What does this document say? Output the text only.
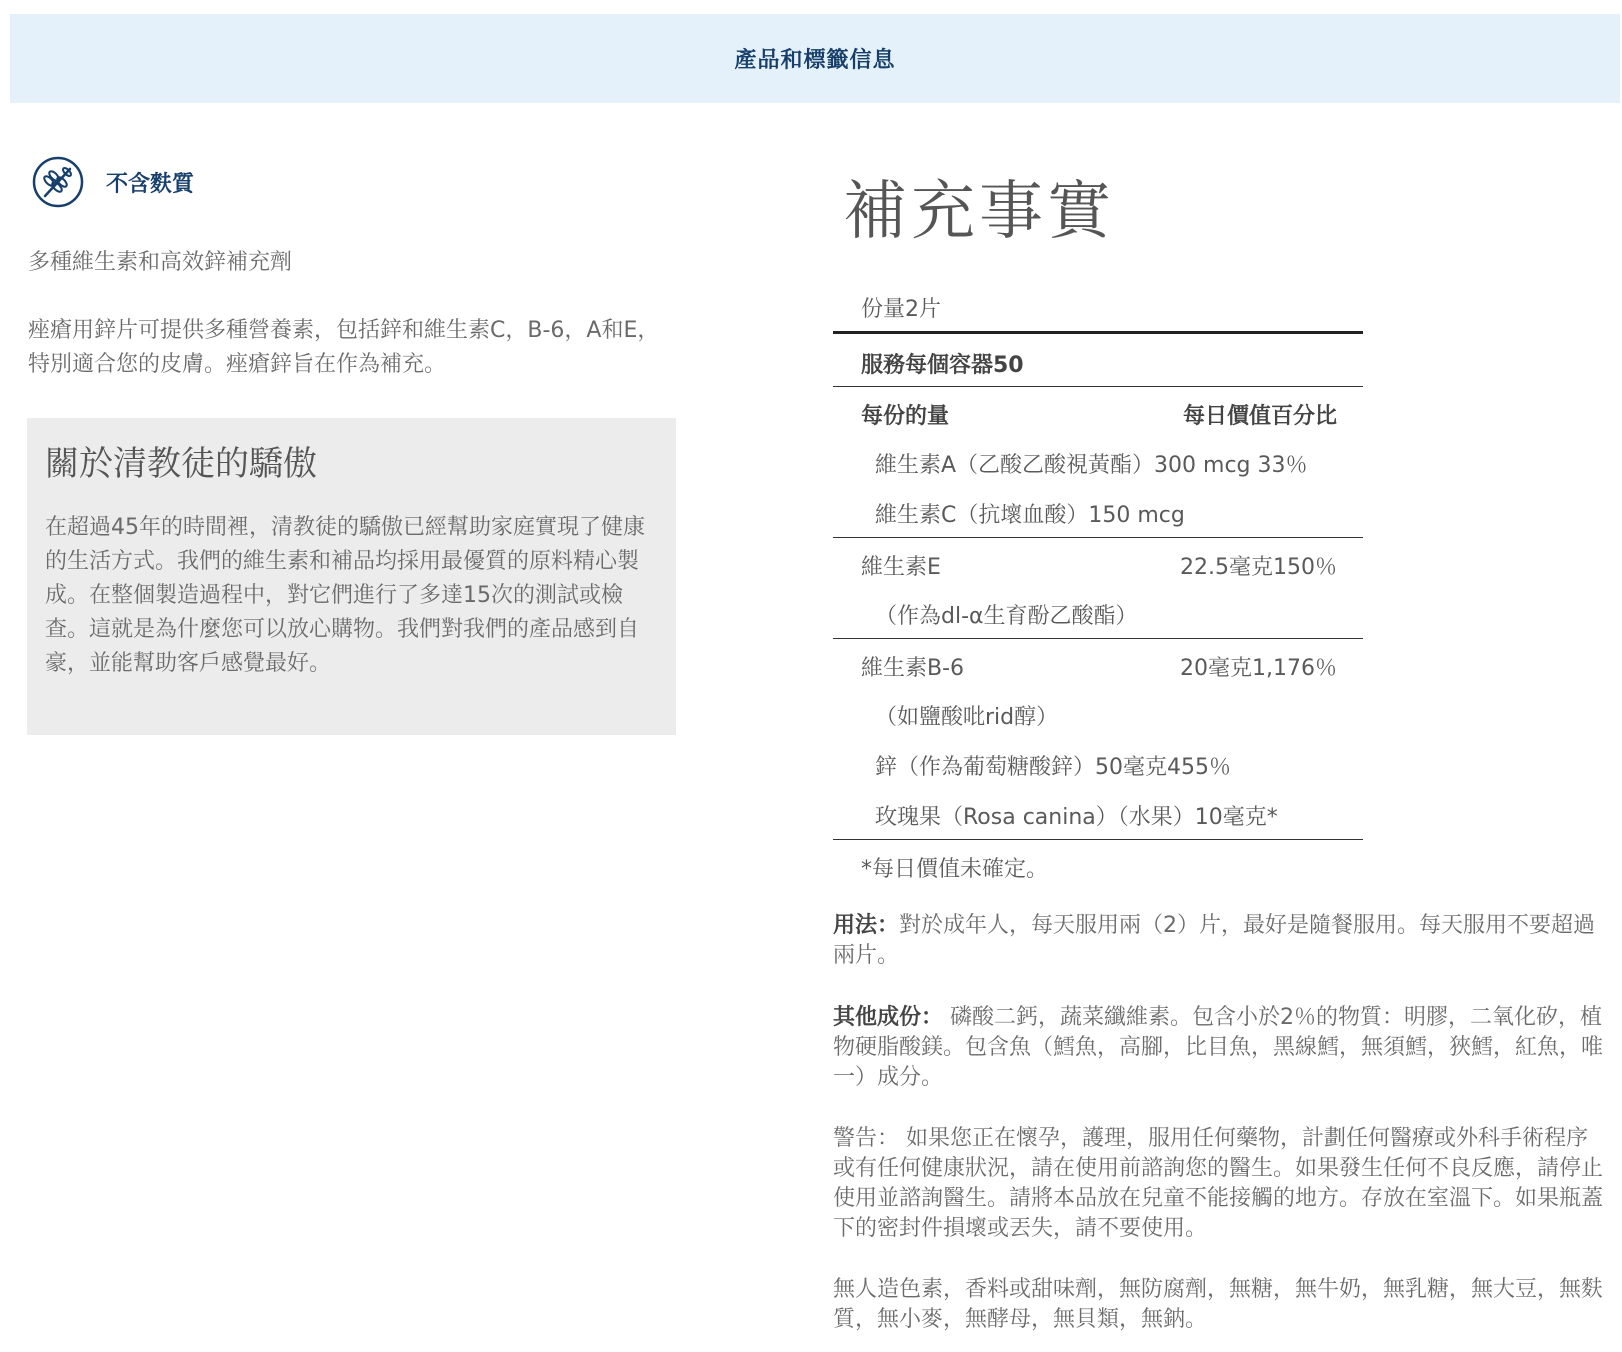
產品和標籤信息
不含麩質
多種維生素和高效鋅補充劑
痤瘡用鋅片可提供多種營養素，包括鋅和維生素C，B-6，A和E，特別適合您的皮膚。痤瘡鋅旨在作為補充。
關於清教徒的驕傲

在超過45年的時間裡，清教徒的驕傲已經幫助家庭實現了健康的生活方式。我們的維生素和補品均採用最優質的原料精心製成。在整個製造過程中，對它們進行了多達15次的測試或檢查。這就是為什麼您可以放心購物。我們對我們的產品感到自豪，並能幫助客戶感覺最好。

補充事實
份量2片
服務每個容器50
每份的量	每日價值百分比
維生素A（乙酸乙酸視黃酯）300 mcg 33％
維生素C（抗壞血酸）150 mcg
維生素E	22.5毫克150％
（作為dl-α生育酚乙酸酯）
維生素B-6	20毫克1,176％
（如鹽酸吡rid醇）
鋅（作為葡萄糖酸鋅）50毫克455％
玫瑰果（Rosa canina）（水果）10毫克*
*每日價值未確定。

用法：對於成年人，每天服用兩（2）片，最好是隨餐服用。每天服用不要超過兩片。

其他成份： 磷酸二鈣，蔬菜纖維素。包含小於2％的物質：明膠，二氧化矽，植物硬脂酸鎂。包含魚（鱈魚，高腳，比目魚，黑線鱈，無須鱈，狹鱈，紅魚，唯一）成分。

警告： 如果您正在懷孕，護理，服用任何藥物，計劃任何醫療或外科手術程序或有任何健康狀況，請在使用前諮詢您的醫生。如果發生任何不良反應，請停止使用並諮詢醫生。請將本品放在兒童不能接觸的地方。存放在室溫下。如果瓶蓋下的密封件損壞或丟失，請不要使用。

無人造色素，香料或甜味劑，無防腐劑，無糖，無牛奶，無乳糖，無大豆，無麩質，無小麥，無酵母，無貝類，無鈉。
